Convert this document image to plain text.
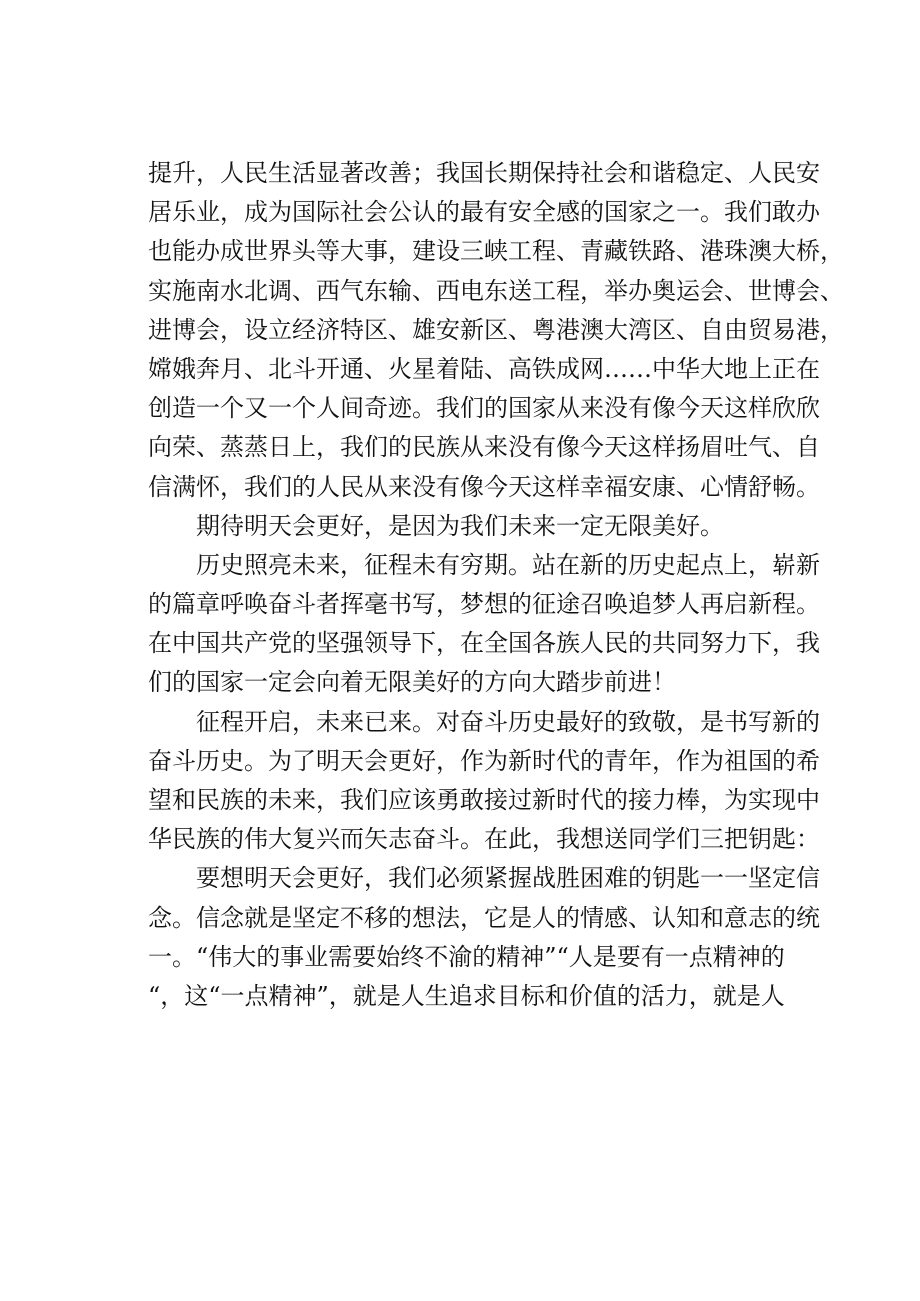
提升，人民生活显著改善；我国长期保持社会和谐稳定、人民安
居乐业，成为国际社会公认的最有安全感的国家之一。我们敢办
也能办成世界头等大事，建设三峡工程、青藏铁路、港珠澳大桥，
实施南水北调、西气东输、西电东送工程，举办奥运会、世博会、
进博会，设立经济特区、雄安新区、粤港澳大湾区、自由贸易港，
嫦娥奔月、北斗开通、火星着陆、高铁成网……中华大地上正在
创造一个又一个人间奇迹。我们的国家从来没有像今天这样欣欣
向荣、蒸蒸日上，我们的民族从来没有像今天这样扬眉吐气、自
信满怀，我们的人民从来没有像今天这样幸福安康、心情舒畅。
期待明天会更好，是因为我们未来一定无限美好。
历史照亮未来，征程未有穷期。站在新的历史起点上，崭新
的篇章呼唤奋斗者挥毫书写，梦想的征途召唤追梦人再启新程。
在中国共产党的坚强领导下，在全国各族人民的共同努力下，我
们的国家一定会向着无限美好的方向大踏步前进！
征程开启，未来已来。对奋斗历史最好的致敬，是书写新的
奋斗历史。为了明天会更好，作为新时代的青年，作为祖国的希
望和民族的未来，我们应该勇敢接过新时代的接力棒，为实现中
华民族的伟大复兴而矢志奋斗。在此，我想送同学们三把钥匙：
要想明天会更好，我们必须紧握战胜困难的钥匙一一坚定信
念。信念就是坚定不移的想法，它是人的情感、认知和意志的统
一。“伟大的事业需要始终不渝的精神”“人是要有一点精神的
“，这“一点精神”，就是人生追求目标和价值的活力，就是人
